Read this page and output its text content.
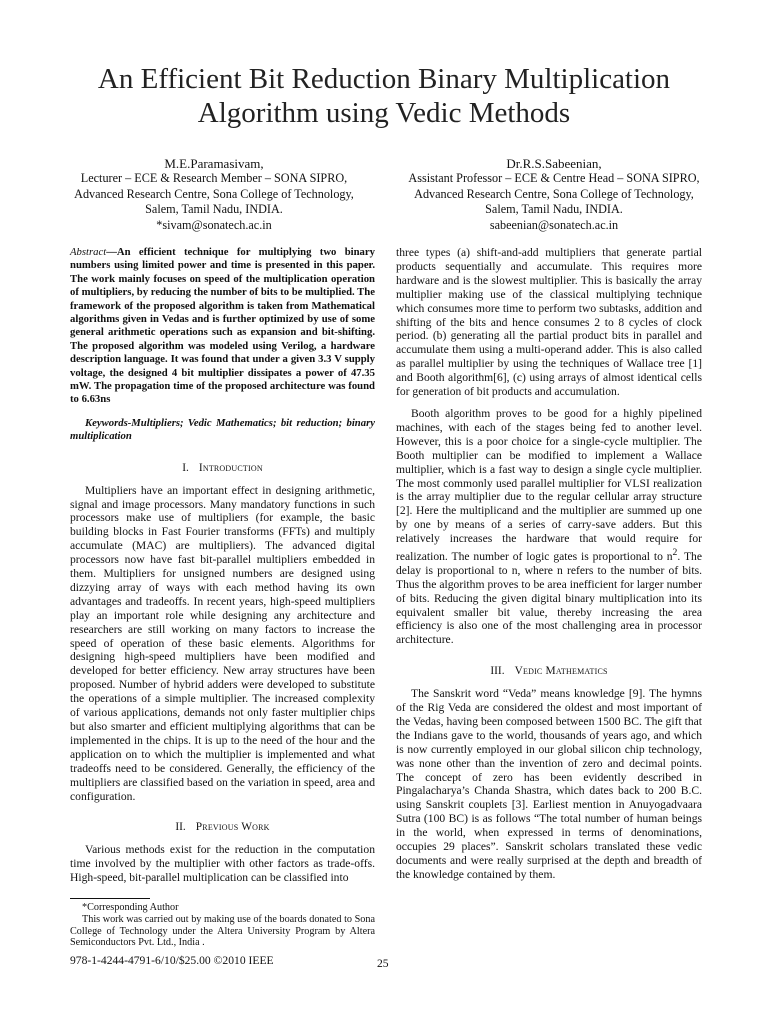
An Efficient Bit Reduction Binary Multiplication
Algorithm using Vedic Methods
M.E.Paramasivam,
Lecturer – ECE & Research Member – SONA SIPRO,
Advanced Research Centre, Sona College of Technology,
Salem, Tamil Nadu, INDIA.
*sivam@sonatech.ac.in
Dr.R.S.Sabeenian,
Assistant Professor – ECE & Centre Head – SONA SIPRO,
Advanced Research Centre, Sona College of Technology,
Salem, Tamil Nadu, INDIA.
sabeenian@sonatech.ac.in

Abstract—An efficient technique for multiplying two binary numbers using limited power and time is presented in this paper. The work mainly focuses on speed of the multiplication operation of multipliers, by reducing the number of bits to be multiplied. The framework of the proposed algorithm is taken from Mathematical algorithms given in Vedas and is further optimized by use of some general arithmetic operations such as expansion and bit-shifting. The proposed algorithm was modeled using Verilog, a hardware description language. It was found that under a given 3.3 V supply voltage, the designed 4 bit multiplier dissipates a power of 47.35 mW. The propagation time of the proposed architecture was found to 6.63ns

Keywords-Multipliers; Vedic Mathematics; bit reduction; binary multiplication

I. Introduction

Multipliers have an important effect in designing arithmetic, signal and image processors. Many mandatory functions in such processors make use of multipliers (for example, the basic building blocks in Fast Fourier transforms (FFTs) and multiply accumulate (MAC) are multipliers). The advanced digital processors now have fast bit-parallel multipliers embedded in them. Multipliers for unsigned numbers are designed using dizzying array of ways with each method having its own advantages and tradeoffs. In recent years, high-speed multipliers play an important role while designing any architecture and researchers are still working on many factors to increase the speed of operation of these basic elements. Algorithms for designing high-speed multipliers have been modified and developed for better efficiency. New array structures have been proposed. Number of hybrid adders were developed to substitute the operations of a simple multiplier. The increased complexity of various applications, demands not only faster multiplier chips but also smarter and efficient multiplying algorithms that can be implemented in the chips. It is up to the need of the hour and the application on to which the multiplier is implemented and what tradeoffs need to be considered. Generally, the efficiency of the multipliers are classified based on the variation in speed, area and configuration.

II. Previous Work

Various methods exist for the reduction in the computation time involved by the multiplier with other factors as trade-offs. High-speed, bit-parallel multiplication can be classified into

three types (a) shift-and-add multipliers that generate partial products sequentially and accumulate. This requires more hardware and is the slowest multiplier. This is basically the array multiplier making use of the classical multiplying technique which consumes more time to perform two subtasks, addition and shifting of the bits and hence consumes 2 to 8 cycles of clock period. (b) generating all the partial product bits in parallel and accumulate them using a multi-operand adder. This is also called as parallel multiplier by using the techniques of Wallace tree [1] and Booth algorithm[6], (c) using arrays of almost identical cells for generation of bit products and accumulation.

Booth algorithm proves to be good for a highly pipelined machines, with each of the stages being fed to another level. However, this is a poor choice for a single-cycle multiplier. The Booth multiplier can be modified to implement a Wallace multiplier, which is a fast way to design a single cycle multiplier. The most commonly used parallel multiplier for VLSI realization is the array multiplier due to the regular cellular array structure [2]. Here the multiplicand and the multiplier are summed up one by one by means of a series of carry-save adders. But this relatively increases the hardware that would require for realization. The number of logic gates is proportional to $n^2$. The delay is proportional to n, where n refers to the number of bits. Thus the algorithm proves to be area inefficient for larger number of bits. Reducing the given digital binary multiplication into its equivalent smaller bit value, thereby increasing the area efficiency is also one of the most challenging area in processor architecture.

III. Vedic Mathematics

The Sanskrit word “Veda” means knowledge [9]. The hymns of the Rig Veda are considered the oldest and most important of the Vedas, having been composed between 1500 BC. The gift that the Indians gave to the world, thousands of years ago, and which is now currently employed in our global silicon chip technology, was none other than the invention of zero and decimal points. The concept of zero has been evidently described in Pingalacharya’s Chanda Shastra, which dates back to 200 B.C. using Sanskrit couplets [3]. Earliest mention in Anuyogadvaara Sutra (100 BC) is as follows “The total number of human beings in the world, when expressed in terms of denominations, occupies 29 places”. Sanskrit scholars translated these vedic documents and were really surprised at the depth and breadth of the knowledge contained by them.

*Corresponding Author

This work was carried out by making use of the boards donated to Sona College of Technology under the Altera University Program by Altera Semiconductors Pvt. Ltd., India .

978-1-4244-4791-6/10/$25.00 ©2010 IEEE	25
